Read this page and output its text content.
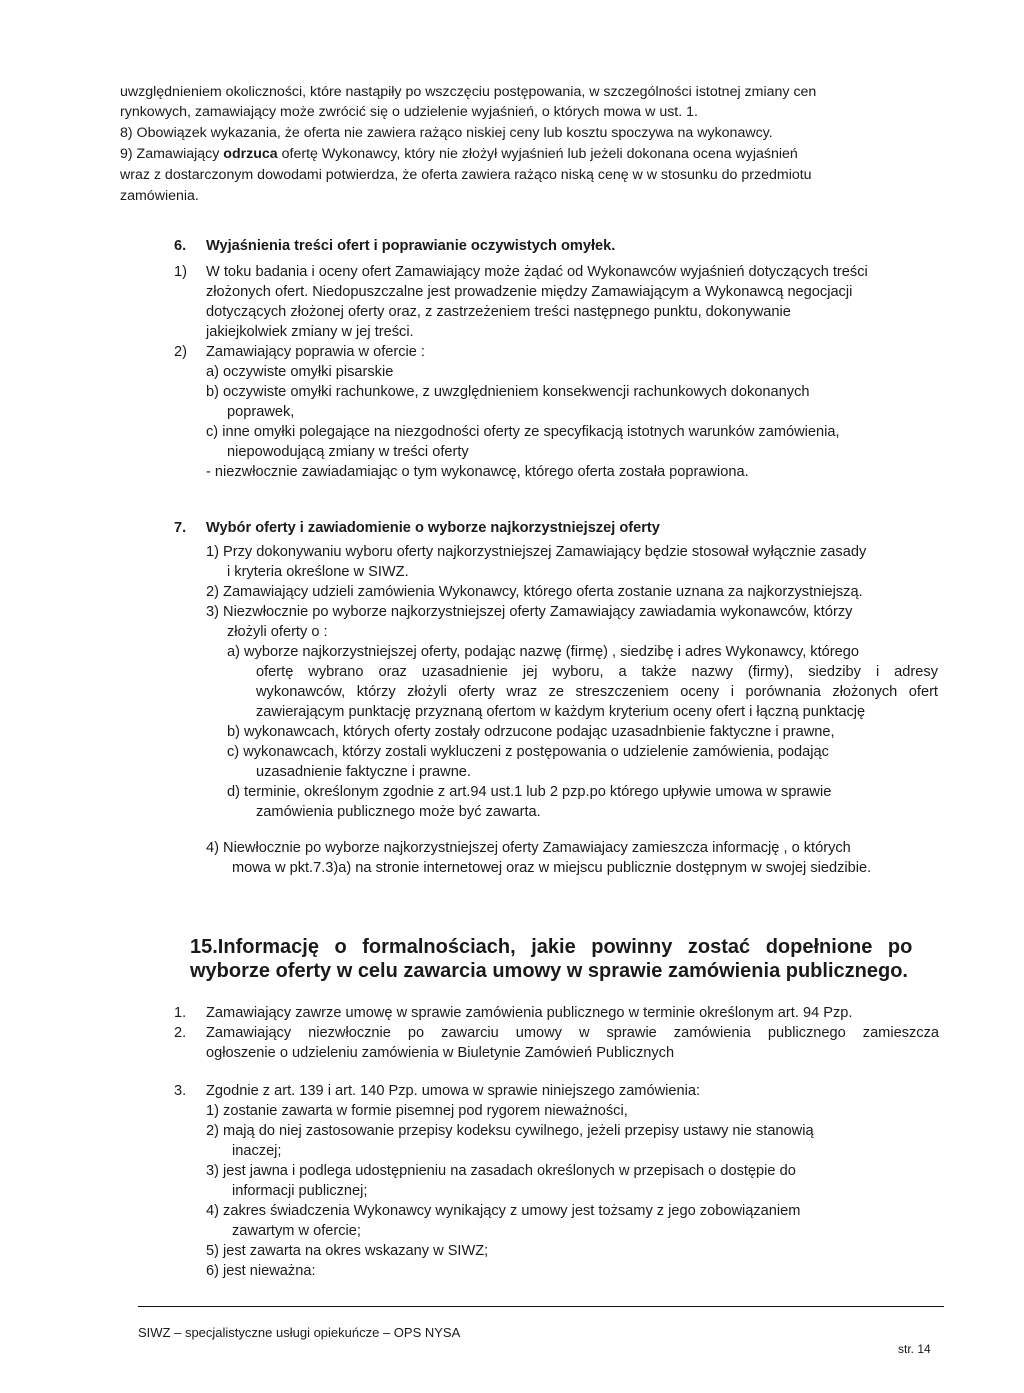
uwzględnieniem okoliczności, które nastąpiły po wszczęciu postępowania, w szczególności istotnej zmiany cen
rynkowych, zamawiający może zwrócić się o udzielenie wyjaśnień, o których mowa w ust. 1.
8) Obowiązek wykazania, że oferta nie zawiera rażąco niskiej ceny lub kosztu spoczywa na wykonawcy.
9) Zamawiający odrzuca ofertę Wykonawcy, który nie złożył wyjaśnień lub jeżeli dokonana ocena wyjaśnień
wraz z dostarczonym dowodami potwierdza, że oferta zawiera rażąco niską cenę w w stosunku do przedmiotu
zamówienia.
6. Wyjaśnienia treści ofert i poprawianie oczywistych omyłek.
1) W toku badania i oceny ofert Zamawiający może żądać od Wykonawców wyjaśnień dotyczących treści
złożonych ofert. Niedopuszczalne jest prowadzenie między Zamawiającym a Wykonawcą negocjacji
dotyczących złożonej oferty oraz, z zastrzeżeniem treści następnego punktu, dokonywanie
jakiejkolwiek zmiany w jej treści.
2) Zamawiający poprawia w ofercie :
a) oczywiste omyłki pisarskie
b) oczywiste omyłki rachunkowe, z uwzględnieniem konsekwencji rachunkowych dokonanych
poprawek,
c) inne omyłki polegające na niezgodności oferty ze specyfikacją istotnych warunków zamówienia,
niepowodującą zmiany w treści oferty
- niezwłocznie zawiadamiając o tym wykonawcę, którego oferta została poprawiona.
7. Wybór oferty i zawiadomienie o wyborze najkorzystniejszej oferty
1) Przy dokonywaniu wyboru oferty najkorzystniejszej Zamawiający będzie stosował wyłącznie zasady
i kryteria określone w SIWZ.
2) Zamawiający udzieli zamówienia Wykonawcy, którego oferta zostanie uznana za najkorzystniejszą.
3) Niezwłocznie po wyborze najkorzystniejszej oferty Zamawiający zawiadamia wykonawców, którzy
złożyli oferty o :
a) wyborze najkorzystniejszej oferty, podając nazwę (firmę) , siedzibę i adres Wykonawcy, którego
ofertę wybrano oraz uzasadnienie jej wyboru, a także nazwy (firmy), siedziby i adresy
wykonawców, którzy złożyli oferty wraz ze streszczeniem oceny i porównania złożonych ofert
zawierającym punktację przyznaną ofertom w każdym kryterium oceny ofert i łączną punktację
b) wykonawcach, których oferty zostały odrzucone podając uzasadnbienie faktyczne i prawne,
c) wykonawcach, którzy zostali wykluczeni z postępowania o udzielenie zamówienia, podając
uzasadnienie faktyczne i prawne.
d) terminie, określonym zgodnie z art.94 ust.1 lub 2 pzp.po którego upływie umowa w sprawie
zamówienia publicznego może być zawarta.
4) Niewłocznie po wyborze najkorzystniejszej oferty Zamawiajacy zamieszcza informację , o których
mowa w pkt.7.3)a) na stronie internetowej oraz w miejscu publicznie dostępnym w swojej siedzibie.
15.Informację o formalnościach, jakie powinny zostać dopełnione po
wyborze oferty w celu zawarcia umowy w sprawie zamówienia publicznego.
1. Zamawiający zawrze umowę w sprawie zamówienia publicznego w terminie określonym art. 94 Pzp.
2. Zamawiający niezwłocznie po zawarciu umowy w sprawie zamówienia publicznego zamieszcza
ogłoszenie o udzieleniu zamówienia w Biuletynie Zamówień Publicznych
3. Zgodnie z art. 139 i art. 140 Pzp. umowa w sprawie niniejszego zamówienia:
1) zostanie zawarta w formie pisemnej pod rygorem nieważności,
2) mają do niej zastosowanie przepisy kodeksu cywilnego, jeżeli przepisy ustawy nie stanowią
inaczej;
3) jest jawna i podlega udostępnieniu na zasadach określonych w przepisach o dostępie do
informacji publicznej;
4) zakres świadczenia Wykonawcy wynikający z umowy jest tożsamy z jego zobowiązaniem
zawartym w ofercie;
5) jest zawarta na okres wskazany w SIWZ;
6) jest nieważna:
SIWZ – specjalistyczne usługi opiekuńcze – OPS NYSA
str. 14
